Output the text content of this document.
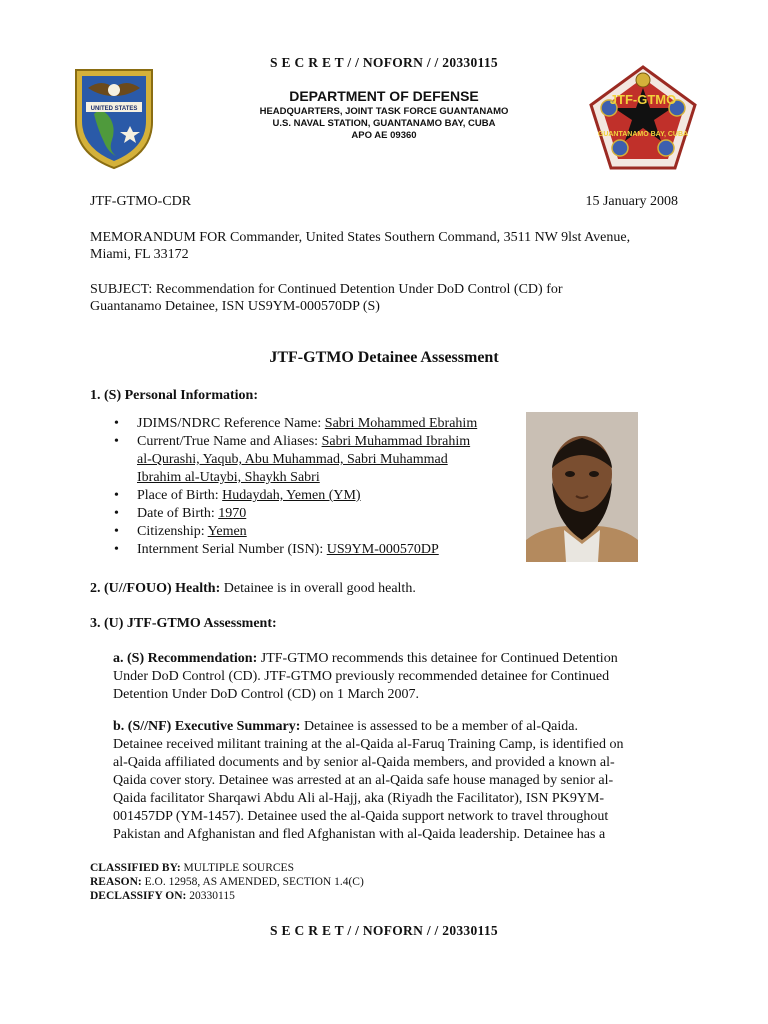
S E C R E T / / NOFORN / / 20330115
UNITED STATES
DEPARTMENT OF DEFENSE
HEADQUARTERS, JOINT TASK FORCE GUANTANAMO
U.S. NAVAL STATION, GUANTANAMO BAY, CUBA
APO AE 09360
JTF-GTMO
GUANTANAMO BAY, CUBA
JTF-GTMO-CDR	15 January 2008
MEMORANDUM FOR Commander, United States Southern Command, 3511 NW 9lst Avenue,
Miami, FL 33172
SUBJECT: Recommendation for Continued Detention Under DoD Control (CD) for
Guantanamo Detainee, ISN US9YM-000570DP (S)
JTF-GTMO Detainee Assessment
1. (S) Personal Information:
• JDIMS/NDRC Reference Name: Sabri Mohammed Ebrahim
• Current/True Name and Aliases: Sabri Muhammad Ibrahim
al-Qurashi, Yaqub, Abu Muhammad, Sabri Muhammad
Ibrahim al-Utaybi, Shaykh Sabri
• Place of Birth: Hudaydah, Yemen (YM)
• Date of Birth: 1970
• Citizenship: Yemen
• Internment Serial Number (ISN): US9YM-000570DP
2. (U//FOUO) Health: Detainee is in overall good health.
3. (U) JTF-GTMO Assessment:
a. (S) Recommendation: JTF-GTMO recommends this detainee for Continued Detention
Under DoD Control (CD). JTF-GTMO previously recommended detainee for Continued
Detention Under DoD Control (CD) on 1 March 2007.
b. (S//NF) Executive Summary: Detainee is assessed to be a member of al-Qaida.
Detainee received militant training at the al-Qaida al-Faruq Training Camp, is identified on
al-Qaida affiliated documents and by senior al-Qaida members, and provided a known al-
Qaida cover story. Detainee was arrested at an al-Qaida safe house managed by senior al-
Qaida facilitator Sharqawi Abdu Ali al-Hajj, aka (Riyadh the Facilitator), ISN PK9YM-
001457DP (YM-1457). Detainee used the al-Qaida support network to travel throughout
Pakistan and Afghanistan and fled Afghanistan with al-Qaida leadership. Detainee has a
CLASSIFIED BY: MULTIPLE SOURCES
REASON: E.O. 12958, AS AMENDED, SECTION 1.4(C)
DECLASSIFY ON: 20330115
S E C R E T / / NOFORN / / 20330115
